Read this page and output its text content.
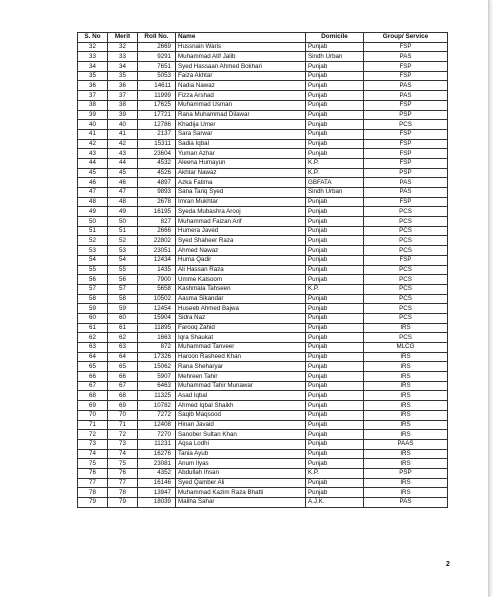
S. No	Merit	Roll No.	Name	Domicile	Group/ Service
32	32	2669	Hussnain Waris	Punjab	FSP
33	33	9291	Muhammad Atif Jalib	Sindh Urban	PAS
34	34	7651	Syed Hassaan Ahmed Bokhari	Punjab	FSP
35	35	5053	Faiza Akhtar	Punjab	FSP
36	36	14611	Nadia Nawaz	Punjab	PAS
37	37	11999	Fizza Arshad	Punjab	PAS
38	38	17625	Muhammad Usman	Punjab	FSP
39	39	17721	Rana Muhammad Dilawar	Punjab	PSP
40	40	12786	Khadija Umer	Punjab	PCS
41	41	2137	Sara Sarwar	Punjab	FSP
42	42	15311	Sadia Iqbal	Punjab	FSP
43	43	23604	Yuman Azhar	Punjab	FSP
44	44	4532	Aleena Humayun	K.P.	FSP
45	45	4526	Akhtar Nawaz	K.P.	PSP
46	46	4897	Azka Fatima	GBFATA	PAS
47	47	9893	Sana Tariq Syed	Sindh Urban	PAS
48	48	2678	Imran Mukhtar	Punjab	FSP
49	49	16195	Syeda Mubashra Arooj	Punjab	PCS
50	50	827	Muhammad Faizan Arif	Punjab	PCS
51	51	2666	Humera Javed	Punjab	PCS
52	52	22802	Syed Shaheer Raza	Punjab	PCS
53	53	23051	Ahmed Nawaz	Punjab	PCS
54	54	12434	Huma Qadir	Punjab	FSP
55	55	1435	Ali Hassan Raza	Punjab	PCS
56	56	7900	Umme Kalsoom	Punjab	PCS
57	57	5658	Kashmala Tahseen	K.P.	PCS
58	58	10502	Aasma Sikandar	Punjab	PCS
59	59	12454	Huseeb Ahmed Bajwa	Punjab	PCS
60	60	15904	Sidra Naz	Punjab	PCS
61	61	11895	Farooq Zahid	Punjab	IRS
62	62	1663	Iqra Shaukat	Punjab	PCS
63	63	872	Muhammad Tanveer	Punjab	MLCG
64	64	17326	Haroon Rasheed Khan	Punjab	IRS
65	65	15062	Rana Sheharyar	Punjab	IRS
66	66	5907	Mehreen Tahir	Punjab	IRS
67	67	6463	Muhammad Tahir Munawar	Punjab	IRS
68	68	11325	Asad Iqbal	Punjab	IRS
69	69	10782	Ahmed Iqbal Shaikh	Punjab	IRS
70	70	7272	Saqib Maqsood	Punjab	IRS
71	71	12408	Hinan Javaid	Punjab	IRS
72	72	7270	Sanober Sultan Khan	Punjab	IRS
73	73	11231	Aqsa Lodhi	Punjab	PAAS
74	74	16276	Tania Ayub	Punjab	IRS
75	75	23081	Anum Ilyas	Punjab	IRS
76	76	4352	Abdullah Ihsan	K.P.	PSP
77	77	16146	Syed Qamber Ali	Punjab	IRS
78	78	13947	Muhammad Kazim Raza Bhatti	Punjab	IRS
79	79	18039	Maliha Sahar	A.J.K.	PAS
2
